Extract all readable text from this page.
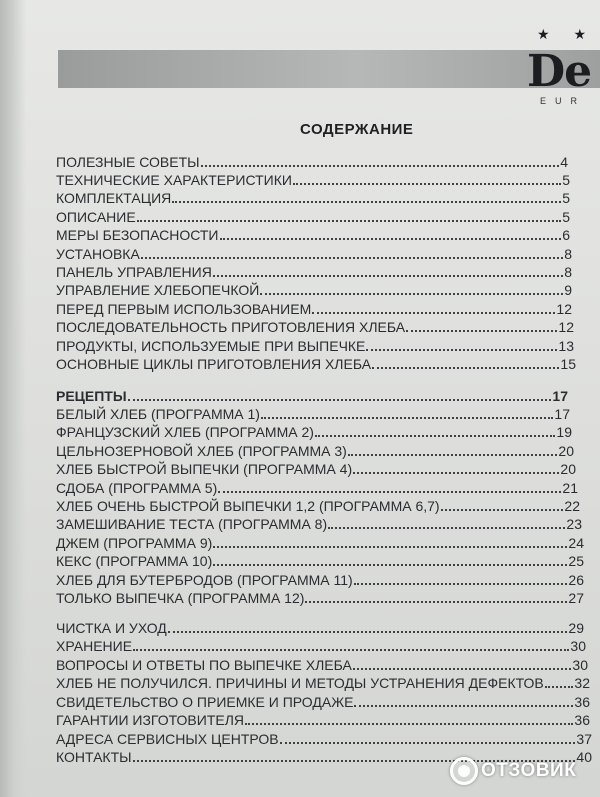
★ ★
De
EUR
СОДЕРЖАНИЕ
ПОЛЕЗНЫЕ СОВЕТЫ	4
ТЕХНИЧЕСКИЕ ХАРАКТЕРИСТИКИ	5
КОМПЛЕКТАЦИЯ	5
ОПИСАНИЕ	5
МЕРЫ БЕЗОПАСНОСТИ	6
УСТАНОВКА	8
ПАНЕЛЬ УПРАВЛЕНИЯ	8
УПРАВЛЕНИЕ ХЛЕБОПЕЧКОЙ	9
ПЕРЕД ПЕРВЫМ ИСПОЛЬЗОВАНИЕМ	12
ПОСЛЕДОВАТЕЛЬНОСТЬ ПРИГОТОВЛЕНИЯ ХЛЕБА	12
ПРОДУКТЫ, ИСПОЛЬЗУЕМЫЕ ПРИ ВЫПЕЧКЕ	13
ОСНОВНЫЕ ЦИКЛЫ ПРИГОТОВЛЕНИЯ ХЛЕБА	15
РЕЦЕПТЫ	17
БЕЛЫЙ ХЛЕБ (ПРОГРАММА 1)	17
ФРАНЦУЗСКИЙ ХЛЕБ (ПРОГРАММА 2)	19
ЦЕЛЬНОЗЕРНОВОЙ ХЛЕБ (ПРОГРАММА 3)	20
ХЛЕБ БЫСТРОЙ ВЫПЕЧКИ (ПРОГРАММА 4)	20
СДОБА (ПРОГРАММА 5)	21
ХЛЕБ ОЧЕНЬ БЫСТРОЙ ВЫПЕЧКИ 1,2 (ПРОГРАММА 6,7)	22
ЗАМЕШИВАНИЕ ТЕСТА (ПРОГРАММА 8)	23
ДЖЕМ (ПРОГРАММА 9)	24
КЕКС (ПРОГРАММА 10)	25
ХЛЕБ ДЛЯ БУТЕРБРОДОВ (ПРОГРАММА 11)	26
ТОЛЬКО ВЫПЕЧКА (ПРОГРАММА 12)	27
ЧИСТКА И УХОД	29
ХРАНЕНИЕ	30
ВОПРОСЫ И ОТВЕТЫ ПО ВЫПЕЧКЕ ХЛЕБА	30
ХЛЕБ НЕ ПОЛУЧИЛСЯ. ПРИЧИНЫ И МЕТОДЫ УСТРАНЕНИЯ ДЕФЕКТОВ 32
СВИДЕТЕЛЬСТВО О ПРИЕМКЕ И ПРОДАЖЕ	36
ГАРАНТИИ ИЗГОТОВИТЕЛЯ	36
АДРЕСА СЕРВИСНЫХ ЦЕНТРОВ	37
КОНТАКТЫ	40
ОТЗОВИК
